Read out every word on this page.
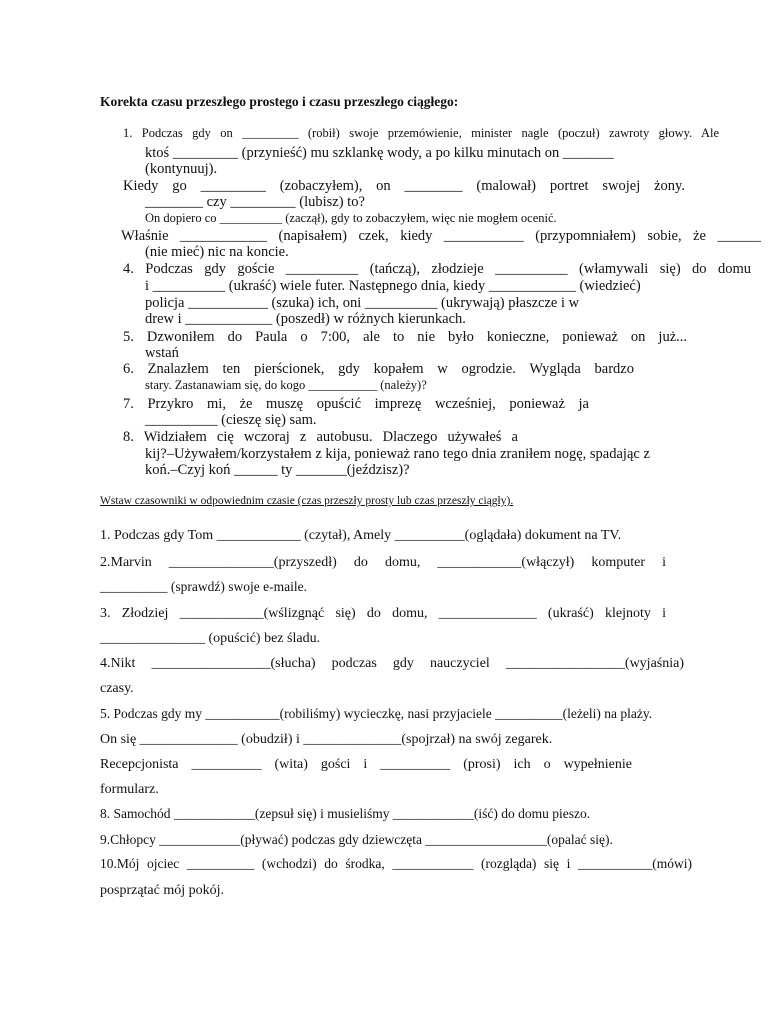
Korekta czasu przeszłego prostego i czasu przeszłego ciągłego:
1. Podczas gdy on _________ (robił) swoje przemówienie, minister nagle (poczuł) zawroty głowy. Ale
ktoś _________ (przynieść) mu szklankę wody, a po kilku minutach on _______
(kontynuuj).
Kiedy go _________ (zobaczyłem), on ________ (malował) portret swojej żony.
________ czy _________ (lubisz) to?
On dopiero co __________ (zaczął), gdy to zobaczyłem, więc nie mogłem ocenić.
Właśnie ____________ (napisałem) czek, kiedy ___________ (przypomniałem) sobie, że ______
(nie mieć) nic na koncie.
4. Podczas gdy goście __________ (tańczą), złodzieje __________ (włamywali się) do domu
i __________ (ukraść) wiele futer. Następnego dnia, kiedy ____________ (wiedzieć)
policja ___________ (szuka) ich, oni __________ (ukrywają) płaszcze i w
drew i ____________ (poszedł) w różnych kierunkach.
5. Dzwoniłem do Paula o 7:00, ale to nie było konieczne, ponieważ on już...
wstań
6. Znalazłem ten pierścionek, gdy kopałem w ogrodzie. Wygląda bardzo
stary. Zastanawiam się, do kogo ___________ (należy)?
7. Przykro mi, że muszę opuścić imprezę wcześniej, ponieważ ja
__________ (cieszę się) sam.
8. Widziałem cię wczoraj z autobusu. Dlaczego używałeś a
kij?–Używałem/korzystałem z kija, ponieważ rano tego dnia zraniłem nogę, spadając z
koń.–Czyj koń ______ ty _______(jeździsz)?
Wstaw czasowniki w odpowiednim czasie (czas przeszły prosty lub czas przeszły ciągły).
1. Podczas gdy Tom ____________ (czytał), Amely __________(oglądała) dokument na TV.
2.Marvin _______________(przyszedł) do domu, ____________(włączył) komputer i
__________ (sprawdź) swoje e-maile.
3. Złodziej ____________(wślizgnąć się) do domu, ______________ (ukraść) klejnoty i
_______________ (opuścić) bez śladu.
4.Nikt _________________(słucha) podczas gdy nauczyciel _________________(wyjaśnia)
czasy.
5. Podczas gdy my ___________(robiliśmy) wycieczkę, nasi przyjaciele __________(leżeli) na plaży.
On się ______________ (obudził) i ______________(spojrzał) na swój zegarek.
Recepcjonista __________ (wita) gości i __________ (prosi) ich o wypełnienie
formularz.
8. Samochód ____________(zepsuł się) i musieliśmy ____________(iść) do domu pieszo.
9.Chłopcy ____________(pływać) podczas gdy dziewczęta __________________(opalać się).
10.Mój ojciec __________ (wchodzi) do środka, ____________ (rozgląda) się i ___________(mówi)
posprzątać mój pokój.
